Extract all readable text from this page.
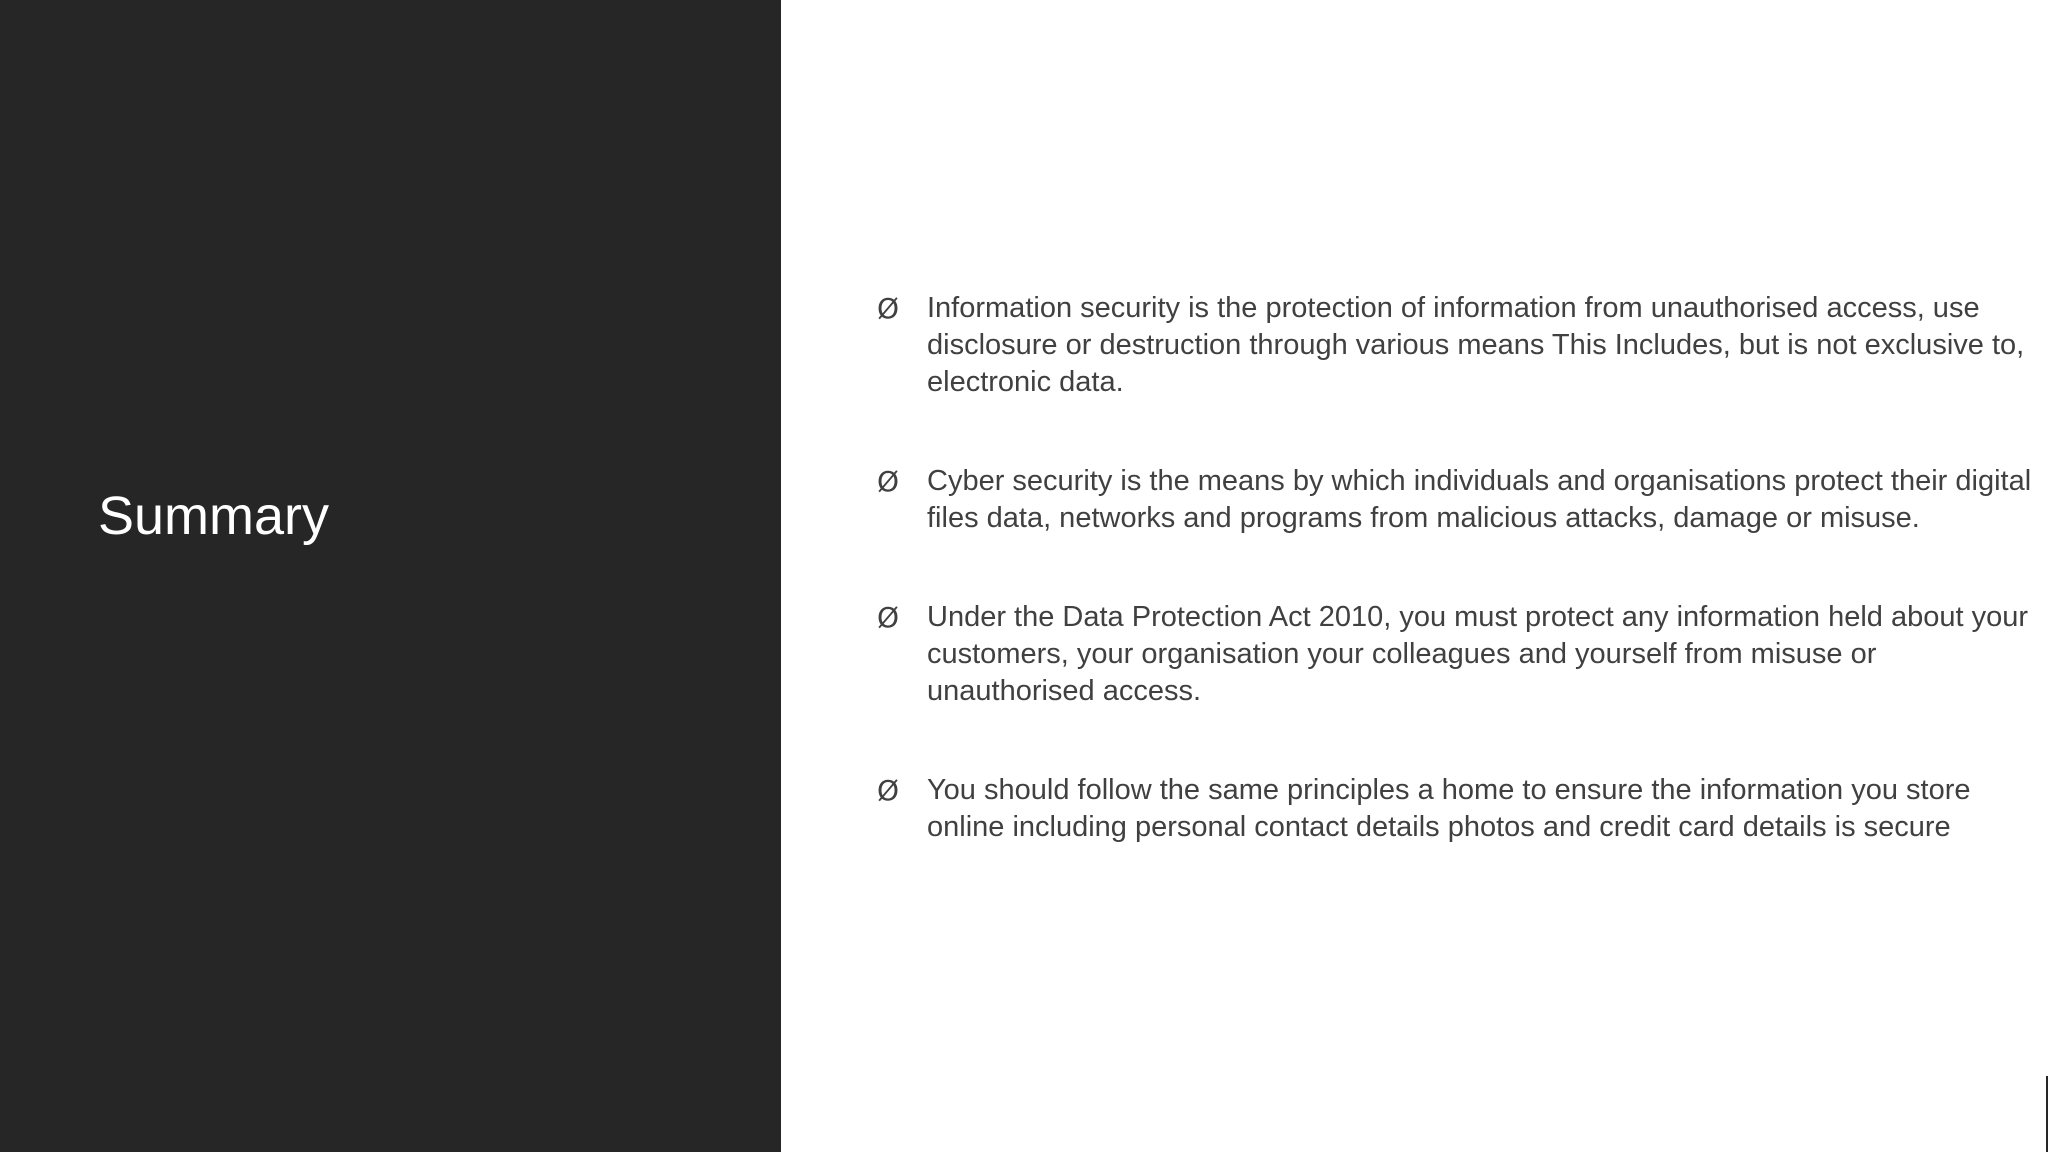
Summary
Ø Information security is the protection of information from unauthorised access, use disclosure or destruction through various means This Includes, but is not exclusive to, electronic data.
Ø Cyber security is the means by which individuals and organisations protect their digital files data, networks and programs from malicious attacks, damage or misuse.
Ø Under the Data Protection Act 2010, you must protect any information held about your customers, your organisation your colleagues and yourself from misuse or unauthorised access.
Ø You should follow the same principles a home to ensure the information you store online including personal contact details photos and credit card details is secure
